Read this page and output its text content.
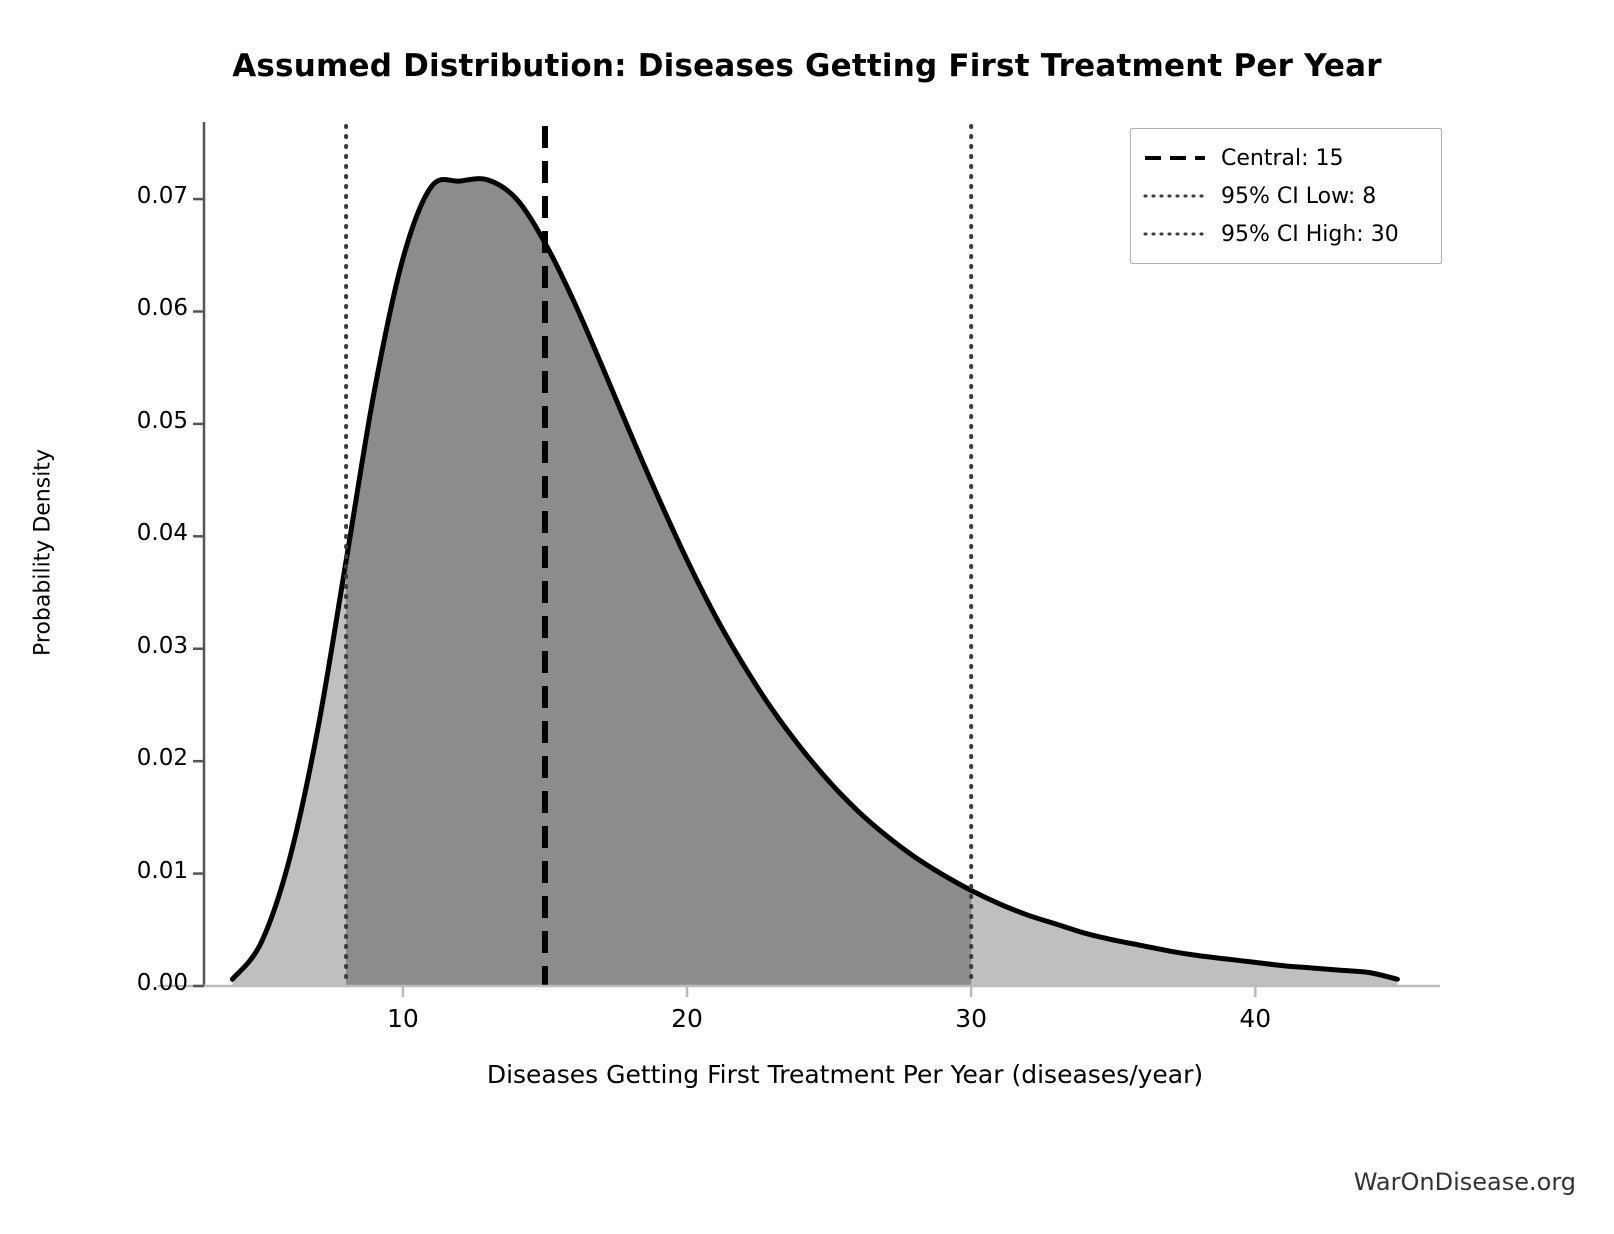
Assumed Distribution: Diseases Getting First Treatment Per Year
Probability Density
0.00
0.01
0.02
0.03
0.04
0.05
0.06
0.07
10	20	30	40
Diseases Getting First Treatment Per Year (diseases/year)
Central: 15
95% CI Low: 8
95% CI High: 30
WarOnDisease.org
